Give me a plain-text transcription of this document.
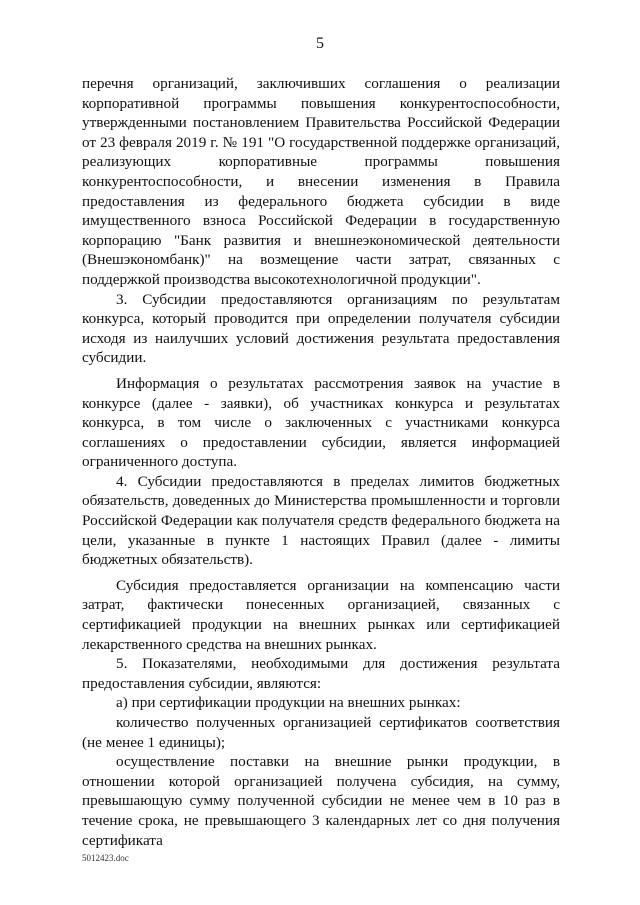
5

перечня организаций, заключивших соглашения о реализации корпоративной программы повышения конкурентоспособности, утвержденными постановлением Правительства Российской Федерации от 23 февраля 2019 г. № 191 "О государственной поддержке организаций, реализующих корпоративные программы повышения конкурентоспособности, и внесении изменения в Правила предоставления из федерального бюджета субсидии в виде имущественного взноса Российской Федерации в государственную корпорацию "Банк развития и внешнеэкономической деятельности (Внешэкономбанк)" на возмещение части затрат, связанных с поддержкой производства высокотехнологичной продукции".

3. Субсидии предоставляются организациям по результатам конкурса, который проводится при определении получателя субсидии исходя из наилучших условий достижения результата предоставления субсидии.

Информация о результатах рассмотрения заявок на участие в конкурсе (далее - заявки), об участниках конкурса и результатах конкурса, в том числе о заключенных с участниками конкурса соглашениях о предоставлении субсидии, является информацией ограниченного доступа.

4. Субсидии предоставляются в пределах лимитов бюджетных обязательств, доведенных до Министерства промышленности и торговли Российской Федерации как получателя средств федерального бюджета на цели, указанные в пункте 1 настоящих Правил (далее - лимиты бюджетных обязательств).

Субсидия предоставляется организации на компенсацию части затрат, фактически понесенных организацией, связанных с сертификацией продукции на внешних рынках или сертификацией лекарственного средства на внешних рынках.

5. Показателями, необходимыми для достижения результата предоставления субсидии, являются:

а) при сертификации продукции на внешних рынках:

количество полученных организацией сертификатов соответствия (не менее 1 единицы);

осуществление поставки на внешние рынки продукции, в отношении которой организацией получена субсидия, на сумму, превышающую сумму полученной субсидии не менее чем в 10 раз в течение срока, не превышающего 3 календарных лет со дня получения сертификата

5012423.doc
